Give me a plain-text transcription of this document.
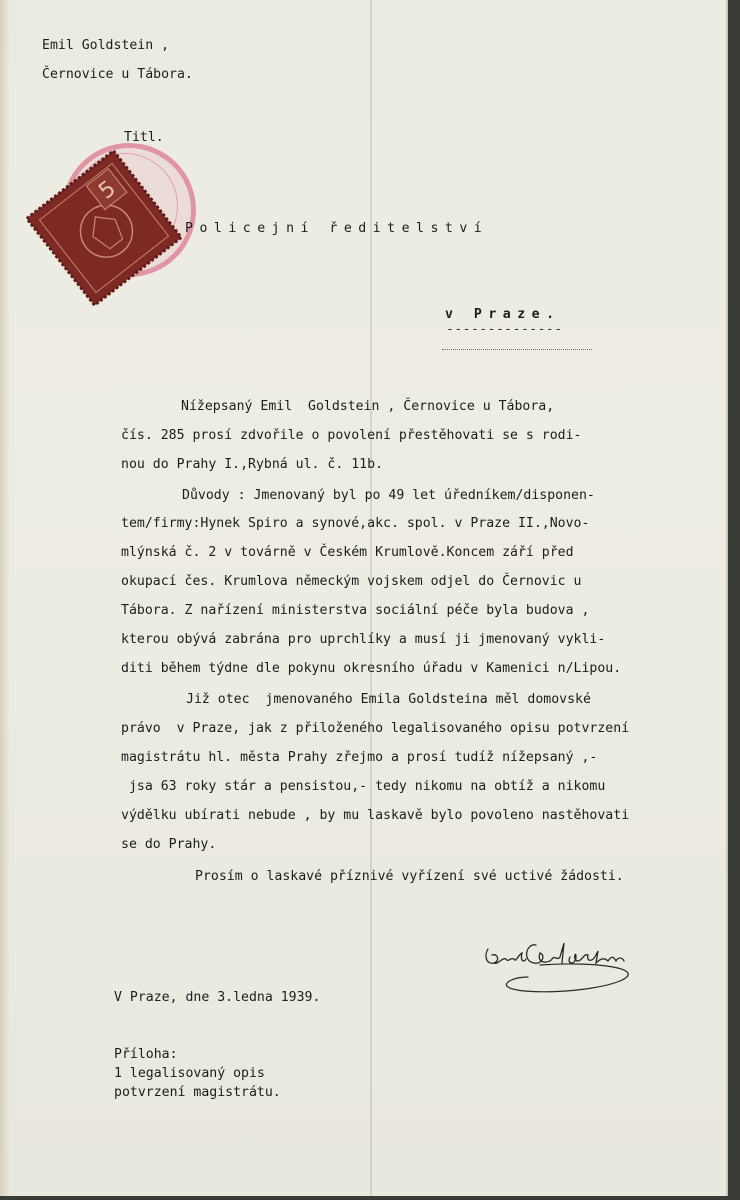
Emil Goldstein ,
Černovice u Tábora.
Titl.
5
Policejní ředitelství
v Praze.
--------------
Nížepsaný Emil  Goldstein , Černovice u Tábora,
čís. 285 prosí zdvořile o povolení přestěhovati se s rodi-
nou do Prahy I.,Rybná ul. č. 11b.
Důvody : Jmenovaný byl po 49 let úředníkem/disponen-
tem/firmy:Hynek Spiro a synové,akc. spol. v Praze II.,Novo-
mlýnská č. 2 v továrně v Českém Krumlově.Koncem září před
okupací čes. Krumlova německým vojskem odjel do Černovic u
Tábora. Z nařízení ministerstva sociální péče byla budova ,
kterou obývá zabrána pro uprchlíky a musí ji jmenovaný vykli-
diti během týdne dle pokynu okresního úřadu v Kamenici n/Lipou.
Již otec  jmenovaného Emila Goldsteina měl domovské
právo  v Praze, jak z přiloženého legalisovaného opisu potvrzení
magistrátu hl. města Prahy zřejmo a prosí tudíž nížepsaný ,-
jsa 63 roky stár a pensistou,- tedy nikomu na obtíž a nikomu
výdělku ubírati nebude , by mu laskavě bylo povoleno nastěhovati
se do Prahy.
Prosím o laskavé příznivé vyřízení své uctivé žádosti.
V Praze, dne 3.ledna 1939.
Příloha:
1 legalisovaný opis
potvrzení magistrátu.
